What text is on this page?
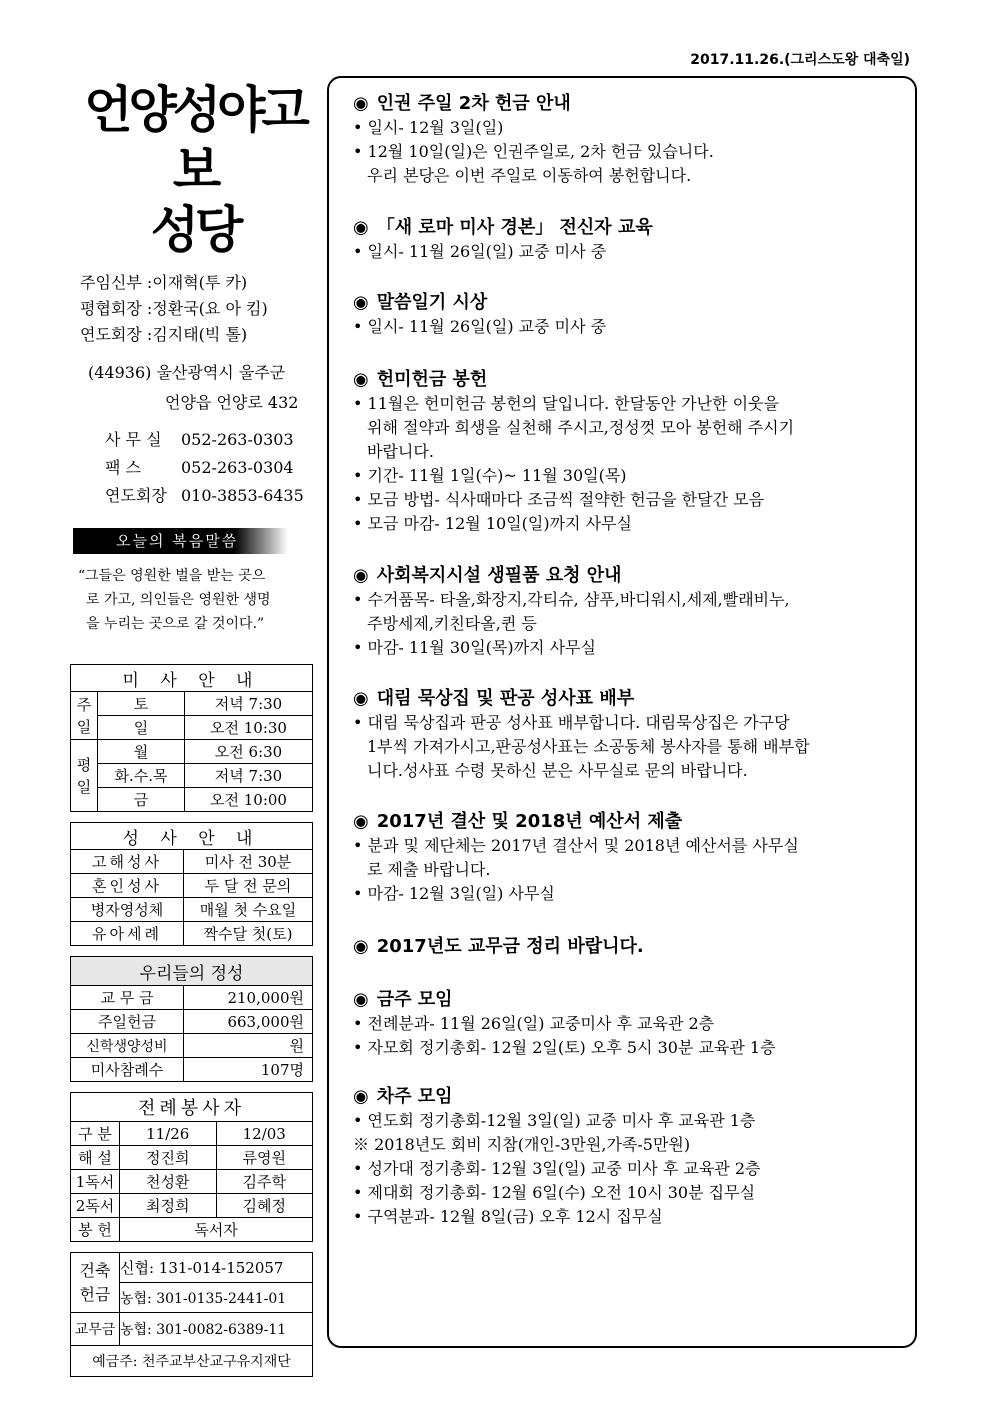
2017.11.26.(그리스도왕 대축일)
언양성야고보
성당
주임신부 :이재혁(투 카)
평협회장 :정환국(요 아 킴)
연도회장 :김지태(빅 톨)
(44936) 울산광역시 울주군
언양읍 언양로 432
사 무 실 052-263-0303
팩 스	052-263-0304
연도회장 010-3853-6435
오늘의 복음말씀
“그들은 영원한 벌을 받는 곳으
로 가고, 의인들은 영원한 생명
을 누리는 곳으로 갈 것이다.”
미 사 안 내		

주
일	토	저녁 7:30
	일	오전 10:30

평
일	월	오전 6:30
	화.수.목	저녁 7:30
	금	오전 10:00
성 사 안 내	
고해성사	미사 전 30분
혼인성사	두 달 전 문의
병자영성체	매월 첫 수요일
유아세례	짝수달 첫(토)
우리들의 정성	
교 무 금	210,000원
주일헌금	663,000원
신학생양성비	원
미사참례수	107명
전례봉사자		
구 분	11/26	12/03
해 설	정진희	류영원
1독서	천성환	김주학
2독서	최정희	김혜정
봉 헌	독서자	
건축
헌금	신협: 131-014-152057
	농협: 301-0135-2441-01
교무금	농협: 301-0082-6389-11
예금주: 천주교부산교구유지재단	
◉ 인권 주일 2차 헌금 안내
• 일시- 12월 3일(일)
• 12월 10일(일)은 인권주일로, 2차 헌금 있습니다.
우리 본당은 이번 주일로 이동하여 봉헌합니다.
◉ 「새 로마 미사 경본」 전신자 교육
• 일시- 11월 26일(일) 교중 미사 중
◉ 말씀일기 시상
• 일시- 11월 26일(일) 교중 미사 중
◉ 헌미헌금 봉헌
• 11월은 헌미헌금 봉헌의 달입니다. 한달동안 가난한 이웃을
위해 절약과 희생을 실천해 주시고,정성껏 모아 봉헌해 주시기
바랍니다.
• 기간- 11월 1일(수)~ 11월 30일(목)
• 모금 방법- 식사때마다 조금씩 절약한 헌금을 한달간 모음
• 모금 마감- 12월 10일(일)까지 사무실
◉ 사회복지시설 생필품 요청 안내
• 수거품목- 타올,화장지,각티슈, 샴푸,바디워시,세제,빨래비누,
주방세제,키친타올,퀸 등
• 마감- 11월 30일(목)까지 사무실
◉ 대림 묵상집 및 판공 성사표 배부
• 대림 묵상집과 판공 성사표 배부합니다. 대림묵상집은 가구당
1부씩 가져가시고,판공성사표는 소공동체 봉사자를 통해 배부합
니다.성사표 수령 못하신 분은 사무실로 문의 바랍니다.
◉ 2017년 결산 및 2018년 예산서 제출
• 분과 및 제단체는 2017년 결산서 및 2018년 예산서를 사무실
로 제출 바랍니다.
• 마감- 12월 3일(일) 사무실
◉ 2017년도 교무금 정리 바랍니다.
◉ 금주 모임
• 전례분과- 11월 26일(일) 교중미사 후 교육관 2층
• 자모회 정기총회- 12월 2일(토) 오후 5시 30분 교육관 1층
◉ 차주 모임
• 연도회 정기총회-12월 3일(일) 교중 미사 후 교육관 1층
※ 2018년도 회비 지참(개인-3만원,가족-5만원)
• 성가대 정기총회- 12월 3일(일) 교중 미사 후 교육관 2층
• 제대회 정기총회- 12월 6일(수) 오전 10시 30분 집무실
• 구역분과- 12월 8일(금) 오후 12시 집무실
